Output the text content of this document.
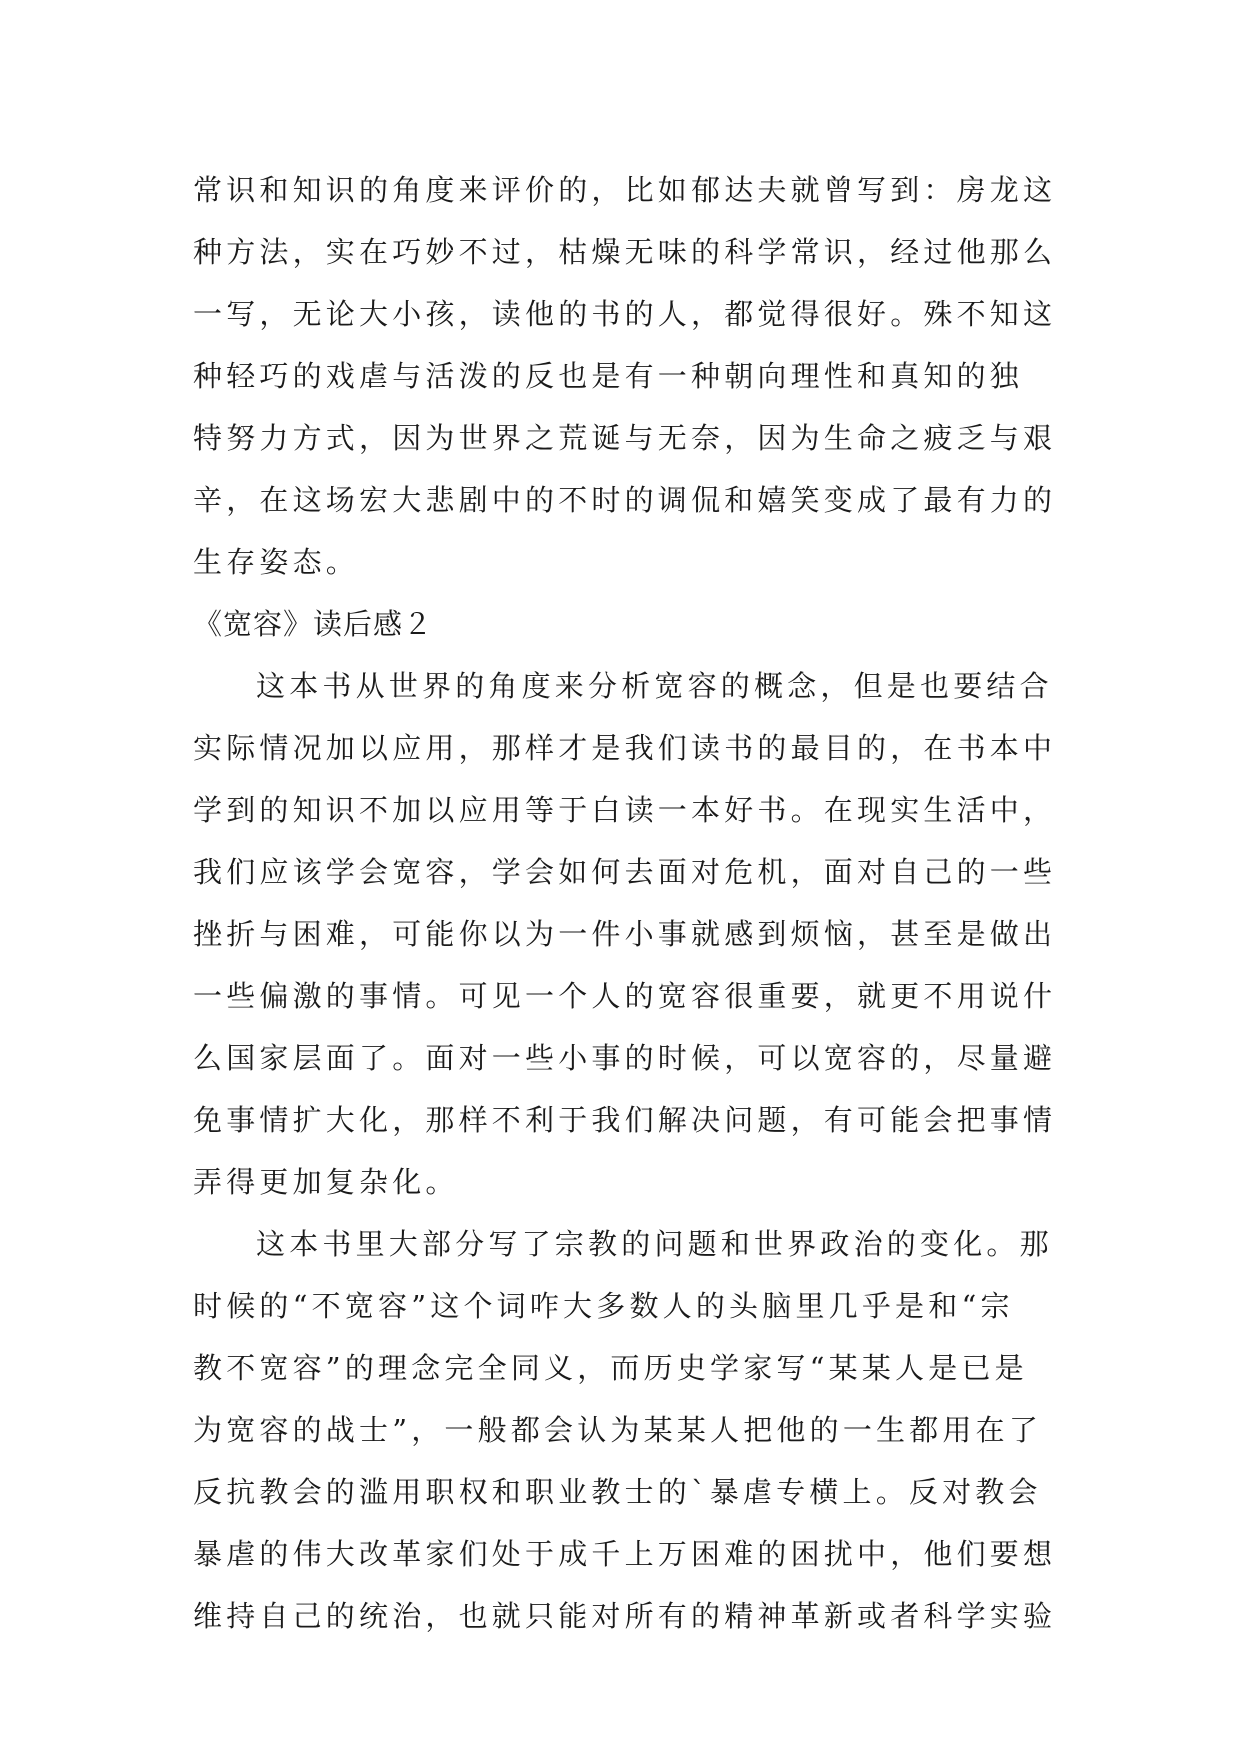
常识和知识的角度来评价的，比如郁达夫就曾写到：房龙这
种方法，实在巧妙不过，枯燥无味的科学常识，经过他那么
一写，无论大小孩，读他的书的人，都觉得很好。殊不知这
种轻巧的戏虐与活泼的反也是有一种朝向理性和真知的独
特努力方式，因为世界之荒诞与无奈，因为生命之疲乏与艰
辛，在这场宏大悲剧中的不时的调侃和嬉笑变成了最有力的
生存姿态。
《宽容》读后感２
这本书从世界的角度来分析宽容的概念，但是也要结合
实际情况加以应用，那样才是我们读书的最目的，在书本中
学到的知识不加以应用等于白读一本好书。在现实生活中，
我们应该学会宽容，学会如何去面对危机，面对自己的一些
挫折与困难，可能你以为一件小事就感到烦恼，甚至是做出
一些偏激的事情。可见一个人的宽容很重要，就更不用说什
么国家层面了。面对一些小事的时候，可以宽容的，尽量避
免事情扩大化，那样不利于我们解决问题，有可能会把事情
弄得更加复杂化。
这本书里大部分写了宗教的问题和世界政治的变化。那
时候的“不宽容”这个词咋大多数人的头脑里几乎是和“宗
教不宽容”的理念完全同义，而历史学家写“某某人是已是
为宽容的战士”，一般都会认为某某人把他的一生都用在了
反抗教会的滥用职权和职业教士的`暴虐专横上。反对教会
暴虐的伟大改革家们处于成千上万困难的困扰中，他们要想
维持自己的统治，也就只能对所有的精神革新或者科学实验
